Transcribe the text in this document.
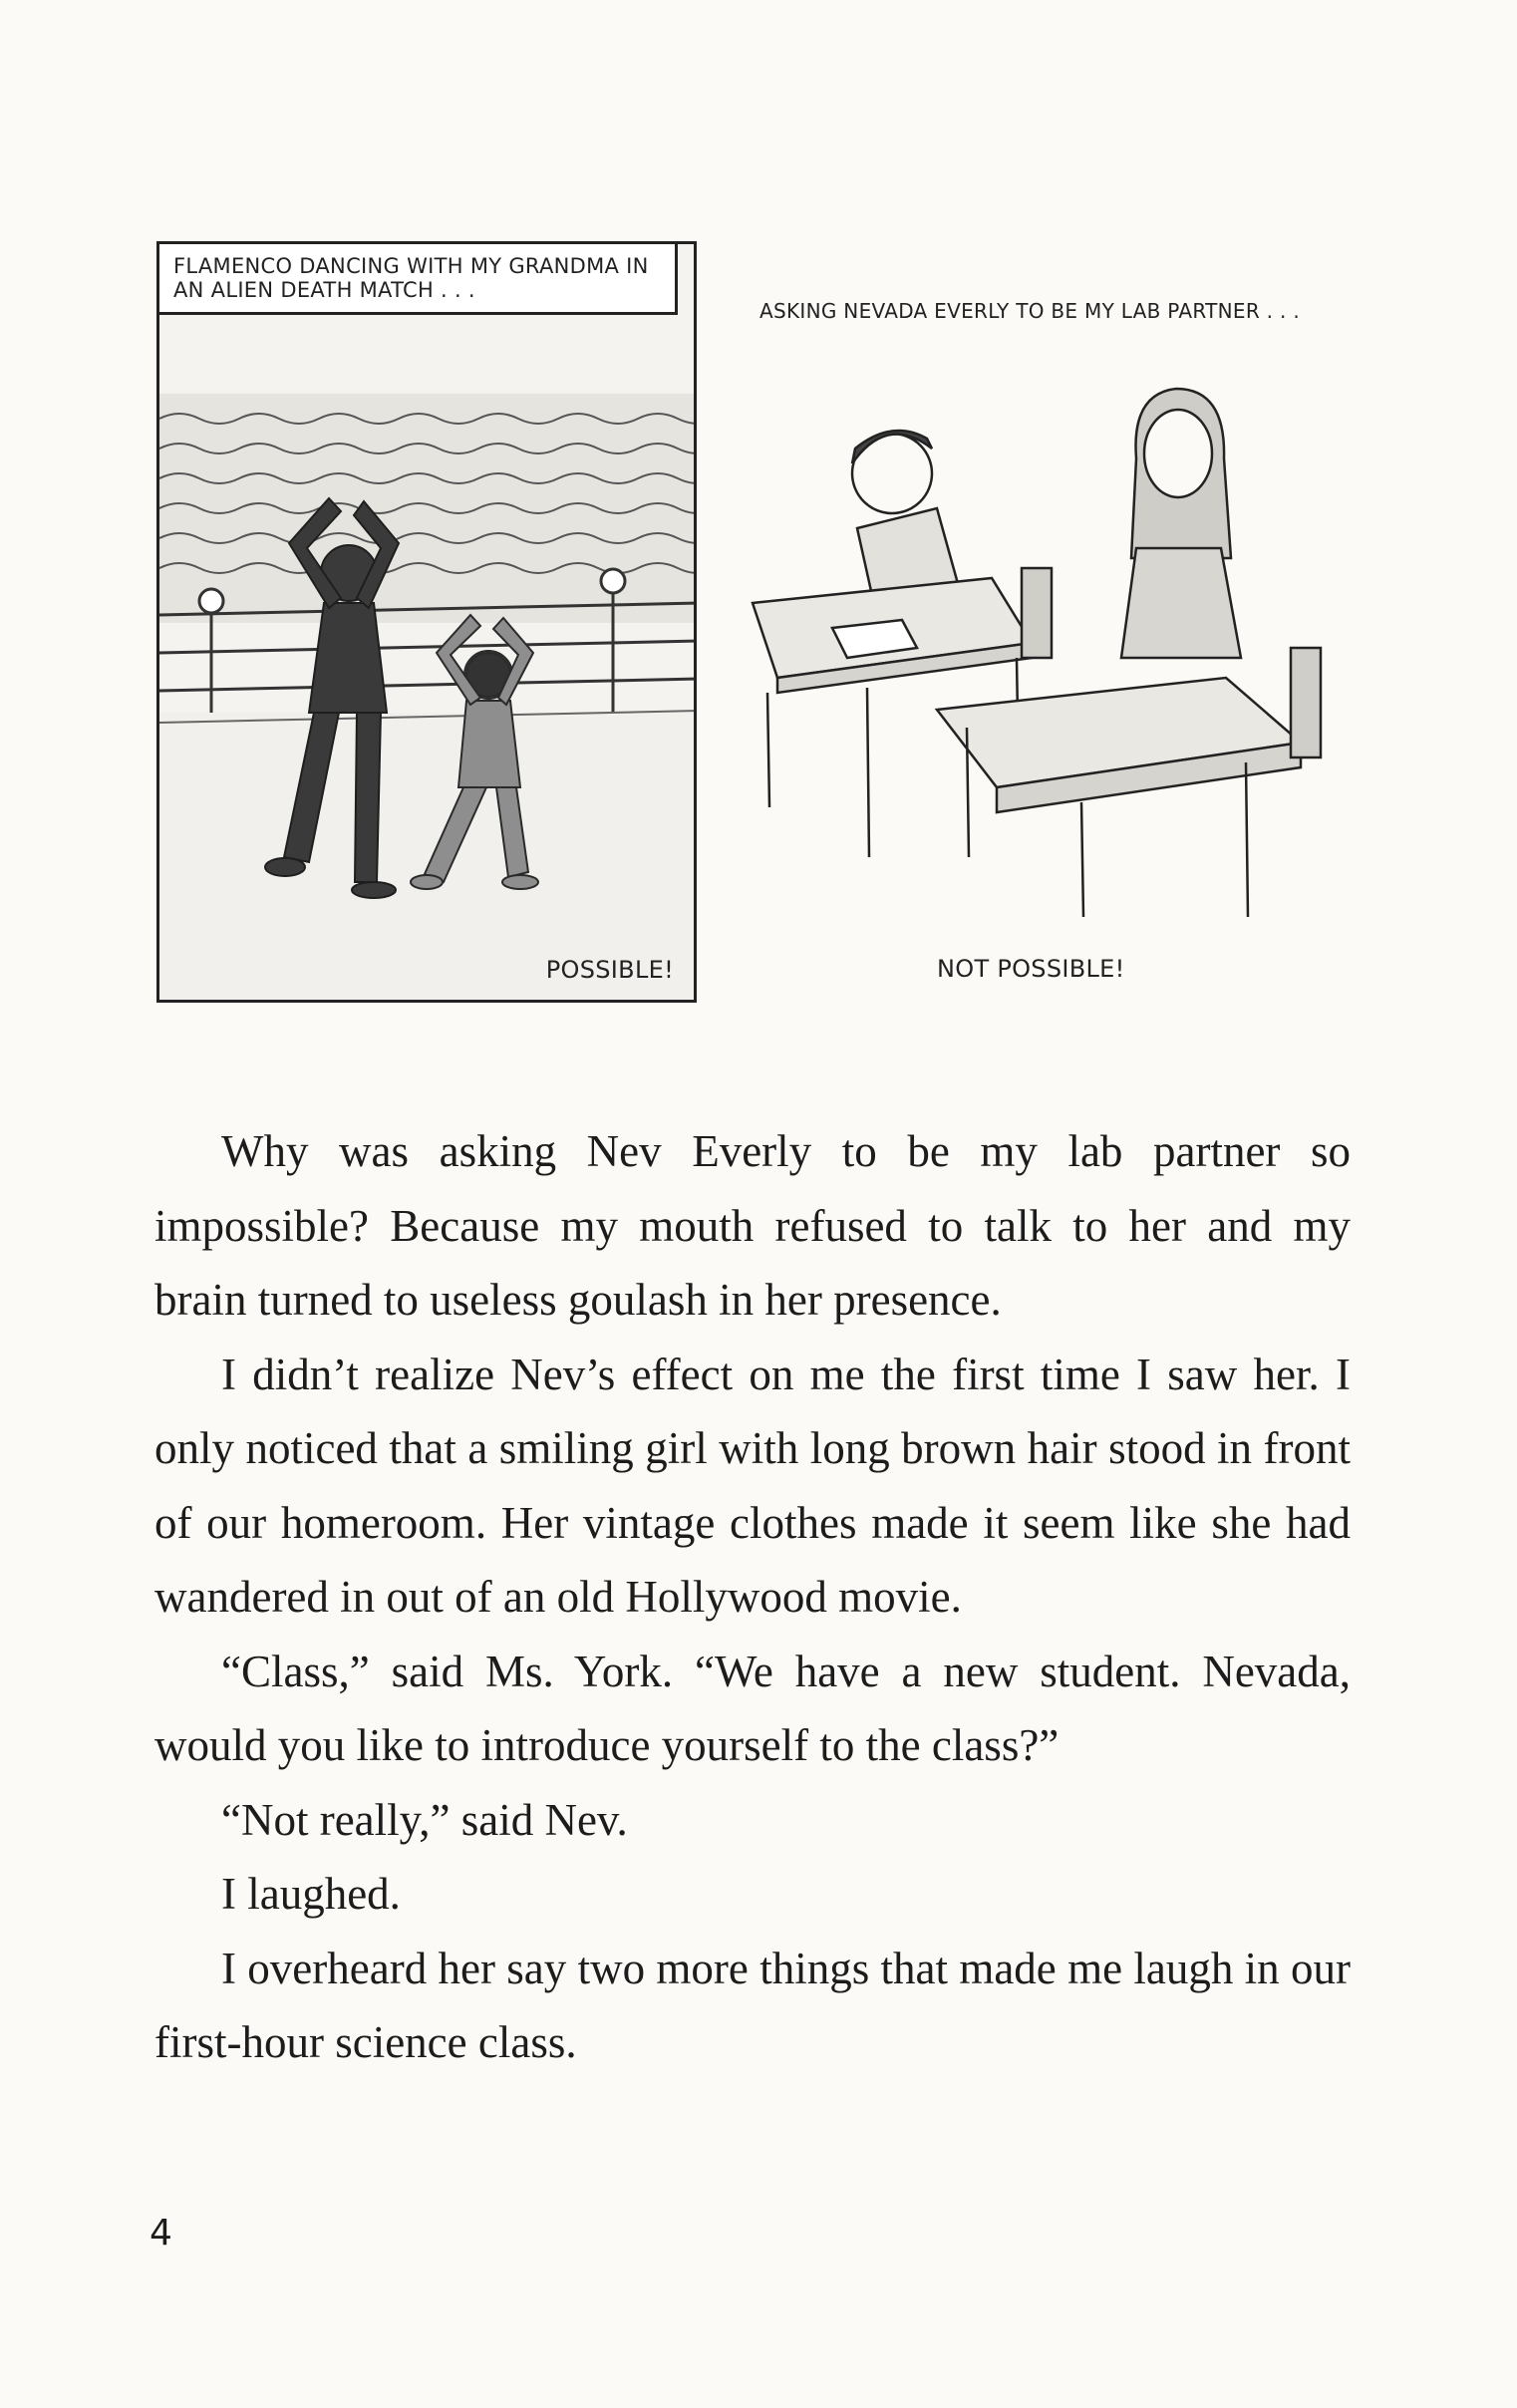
FLAMENCO DANCING WITH MY GRANDMA IN AN ALIEN DEATH MATCH . . .
POSSIBLE!
ASKING NEVADA EVERLY TO BE MY LAB PARTNER . . .
NOT POSSIBLE!

Why was asking Nev Everly to be my lab partner so impossible? Because my mouth refused to talk to her and my brain turned to useless goulash in her presence.

I didn’t realize Nev’s effect on me the first time I saw her. I only noticed that a smiling girl with long brown hair stood in front of our homeroom. Her vintage clothes made it seem like she had wandered in out of an old Hollywood movie.

“Class,” said Ms. York. “We have a new student. Nevada, would you like to introduce yourself to the class?”

“Not really,” said Nev.

I laughed.

I overheard her say two more things that made me laugh in our first-hour science class.

4
